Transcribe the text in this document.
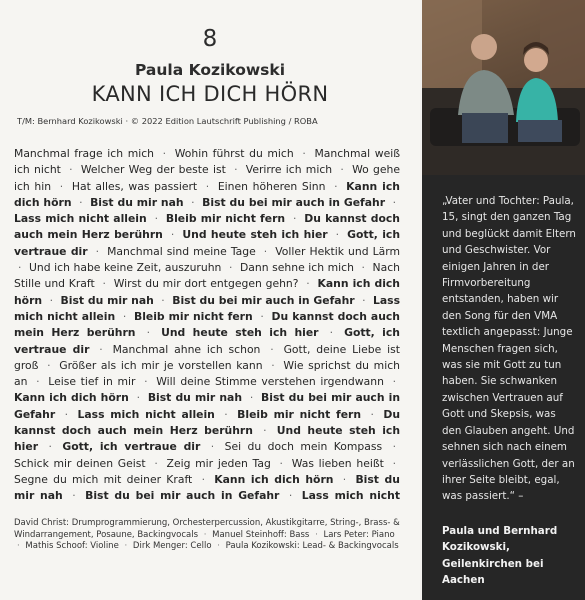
8
Paula Kozikowski
KANN ICH DICH HÖRN
T/M: Bernhard Kozikowski · © 2022 Edition Lautschrift Publishing / ROBA
Manchmal frage ich mich · Wohin führst du mich · Manchmal weiß ich nicht · Welcher Weg der beste ist · Verirre ich mich · Wo gehe ich hin · Hat alles, was passiert · Einen höheren Sinn · Kann ich dich hörn · Bist du mir nah · Bist du bei mir auch in Gefahr · Lass mich nicht allein · Bleib mir nicht fern · Du kannst doch auch mein Herz berührn · Und heute steh ich hier · Gott, ich vertraue dir · Manchmal sind meine Tage · Voller Hektik und Lärm · Und ich habe keine Zeit, auszuruhn · Dann sehne ich mich · Nach Stille und Kraft · Wirst du mir dort entgegen gehn? · Kann ich dich hörn · Bist du mir nah · Bist du bei mir auch in Gefahr · Lass mich nicht allein · Bleib mir nicht fern · Du kannst doch auch mein Herz berührn · Und heute steh ich hier · Gott, ich vertraue dir · Manchmal ahne ich schon · Gott, deine Liebe ist groß · Größer als ich mir je vorstellen kann · Wie sprichst du mich an · Leise tief in mir · Will deine Stimme verstehen irgendwann · Kann ich dich hörn · Bist du mir nah · Bist du bei mir auch in Gefahr · Lass mich nicht allein · Bleib mir nicht fern · Du kannst doch auch mein Herz berührn · Und heute steh ich hier · Gott, ich vertraue dir · Sei du doch mein Kompass · Schick mir deinen Geist · Zeig mir jeden Tag · Was lieben heißt · Segne du mich mit deiner Kraft · Kann ich dich hörn · Bist du mir nah · Bist du bei mir auch in Gefahr · Lass mich nicht
David Christ: Drumprogrammierung, Orchesterpercussion, Akustikgitarre, String-, Brass- & Windarrangement, Posaune, Backingvocals · Manuel Steinhoff: Bass · Lars Peter: Piano · Mathis Schoof: Violine · Dirk Menger: Cello · Paula Kozikowski: Lead- & Backingvocals
„Vater und Tochter: Paula, 15, singt den ganzen Tag und beglückt damit Eltern und Geschwister. Vor einigen Jahren in der Firmvorbereitung entstanden, haben wir den Song für den VMA textlich angepasst: Junge Menschen fragen sich, was sie mit Gott zu tun haben. Sie schwanken zwischen Vertrauen auf Gott und Skepsis, was den Glauben angeht. Und sehnen sich nach einem verlässlichen Gott, der an ihrer Seite bleibt, egal, was passiert.“ –
Paula und Bernhard Kozikowski, Geilenkirchen bei Aachen
